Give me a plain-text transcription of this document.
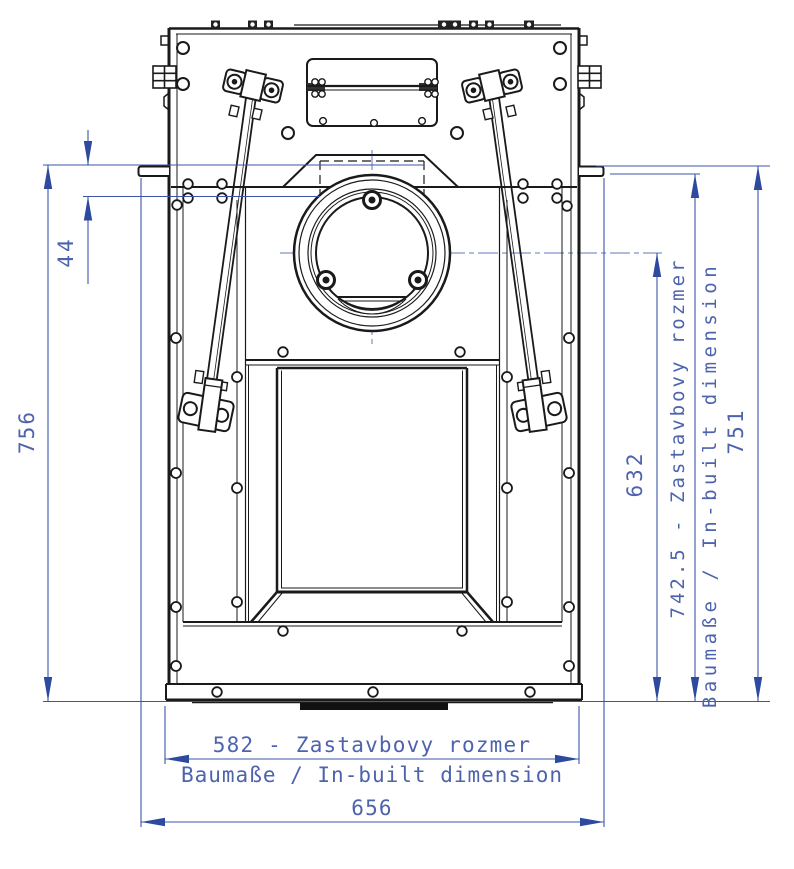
756
44
632 742.5 - Zastavbovy rozmer Baumaße / In-built dimension 751
582 - Zastavbovy rozmer
Baumaße / In-built dimension
656
